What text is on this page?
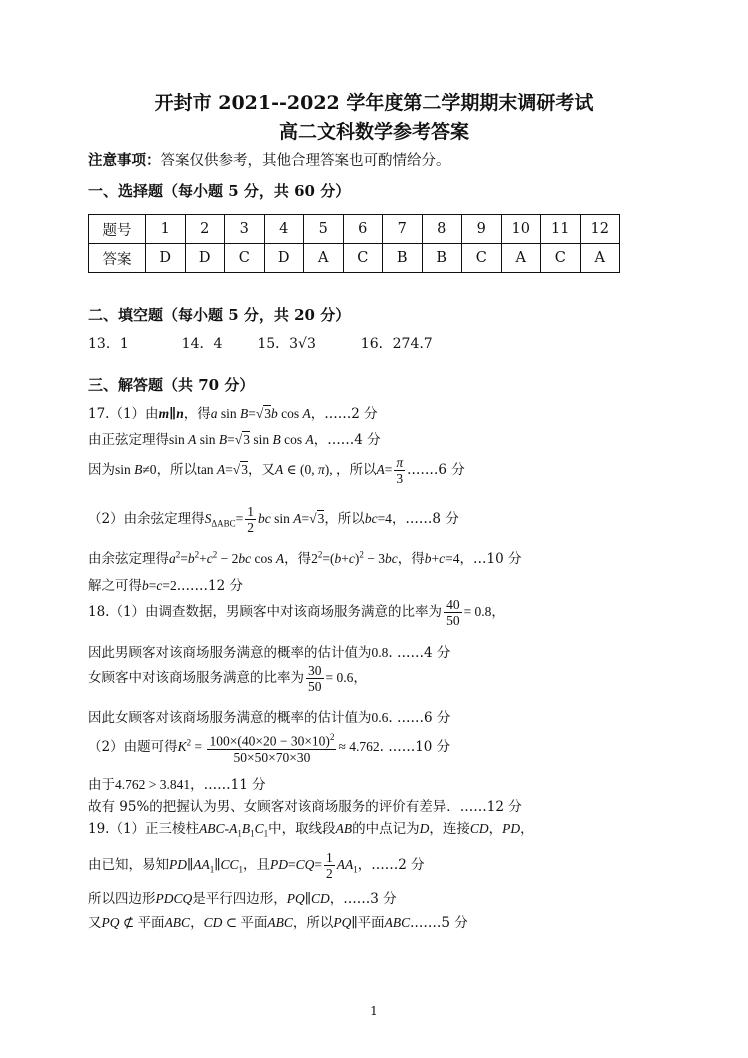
开封市 2021--2022 学年度第二学期期末调研考试
高二文科数学参考答案
注意事项：答案仅供参考，其他合理答案也可酌情给分。
一、选择题（每小题 5 分，共 60 分）
题号	1	2	3	4	5	6	7	8	9	10	11	12
答案	D	D	C	D	A	C	B	B	C	A	C	A
二、填空题（每小题 5 分，共 20 分）
13．1	14．4 15．3√3	16．274.7
三、解答题（共 70 分）
17.（1）由m∥n，得a sin B=√3b cos A，……2 分
由正弦定理得sin A sin B=√3 sin B cos A，……4 分
因为sin B≠0，所以tan A=√3，又A ∈ (0, π), ，所以$A= \frac{\pi}{3}$ .……6 分
（2）由余弦定理得$S_{\Delta ABC}= \frac{1}{2}$ bc sin A=√3，所以bc=4，……8 分
由余弦定理得$a^2=b^2+c^2 - 2bc$ cos A，得$2^2=(b+c)^2 - 3bc$，得b+c=4，…10 分
解之可得b=c=2.……12 分
18.（1）由调查数据，男顾客中对该商场服务满意的比率为 $\frac{40}{50} = 0.8$，
因此男顾客对该商场服务满意的概率的估计值为0.8. ……4 分
女顾客中对该商场服务满意的比率为 $\frac{30}{50} = 0.6$，
因此女顾客对该商场服务满意的概率的估计值为0.6. ……6 分
（2）由题可得$K^2 = \frac{100\times(40\times 20 - 30\times 10)^2}{50\times 50\times 70\times 30} \approx 4.762$. ……10 分
由于4.762 > 3.841，……11 分
故有 95%的把握认为男、女顾客对该商场服务的评价有差异．……12 分
19.（1）正三棱柱ABC-$A_1B_1C_1$中，取线段AB的中点记为D，连接CD，PD，
由已知，易知$PD\parallel AA_1\parallel CC_1$，且$PD=CQ= \frac{1}{2} AA_1$，……2 分
所以四边形PDCQ是平行四边形，PQ∥CD，……3 分
又PQ ⊄ 平面ABC，CD ⊂ 平面ABC，所以PQ∥平面ABC.……5 分
1
